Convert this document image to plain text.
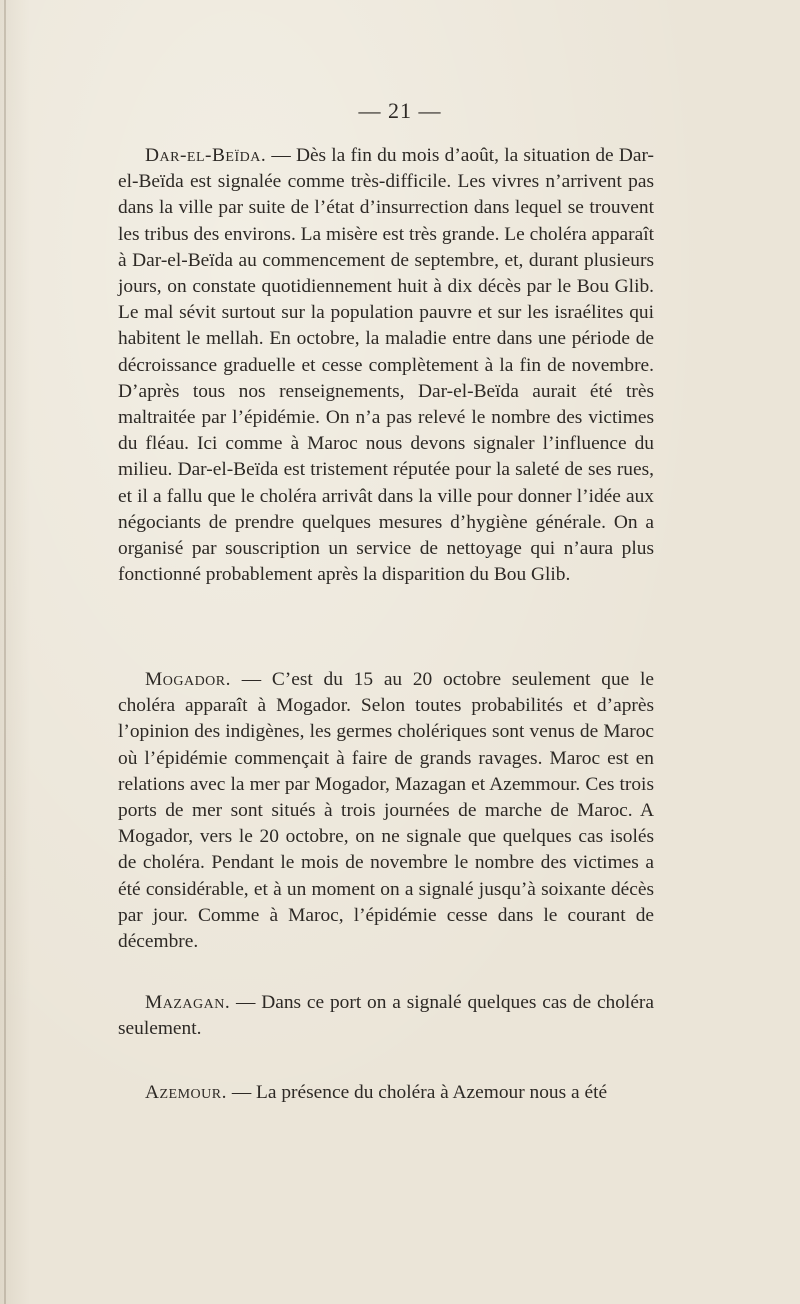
— 21 —

Dar-el-Beïda. — Dès la fin du mois d’août, la situation de Dar-el-Beïda est signalée comme très-difficile. Les vivres n’arrivent pas dans la ville par suite de l’état d’insurrection dans lequel se trouvent les tribus des environs. La misère est très grande. Le choléra apparaît à Dar-el-Beïda au commencement de septembre, et, durant plusieurs jours, on constate quotidiennement huit à dix décès par le Bou Glib. Le mal sévit surtout sur la population pauvre et sur les israélites qui habitent le mellah. En octobre, la maladie entre dans une période de décroissance graduelle et cesse complètement à la fin de novembre. D’après tous nos renseignements, Dar-el-Beïda aurait été très maltraitée par l’épidémie. On n’a pas relevé le nombre des victimes du fléau. Ici comme à Maroc nous devons signaler l’influence du milieu. Dar-el-Beïda est tristement réputée pour la saleté de ses rues, et il a fallu que le choléra arrivât dans la ville pour donner l’idée aux négociants de prendre quelques mesures d’hygiène générale. On a organisé par souscription un service de nettoyage qui n’aura plus fonctionné probablement après la disparition du Bou Glib.

Mogador. — C’est du 15 au 20 octobre seulement que le choléra apparaît à Mogador. Selon toutes probabilités et d’après l’opinion des indigènes, les germes cholériques sont venus de Maroc où l’épidémie commençait à faire de grands ravages. Maroc est en relations avec la mer par Mogador, Mazagan et Azemmour. Ces trois ports de mer sont situés à trois journées de marche de Maroc. A Mogador, vers le 20 octobre, on ne signale que quelques cas isolés de choléra. Pendant le mois de novembre le nombre des victimes a été considérable, et à un moment on a signalé jusqu’à soixante décès par jour. Comme à Maroc, l’épidémie cesse dans le courant de décembre.

Mazagan. — Dans ce port on a signalé quelques cas de choléra seulement.

Azemour. — La présence du choléra à Azemour nous a été
